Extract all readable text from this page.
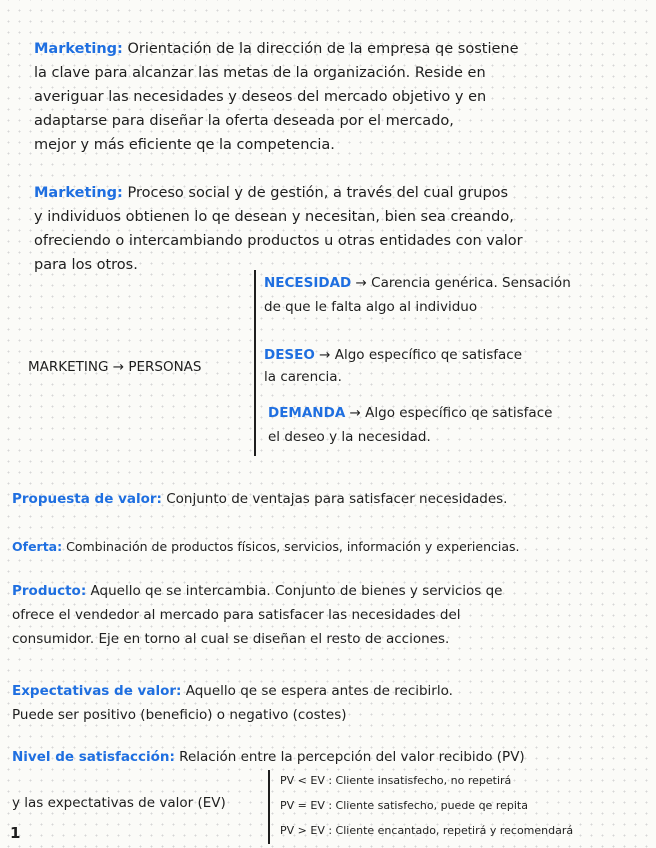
Marketing: Orientación de la dirección de la empresa qe sostiene
la clave para alcanzar las metas de la organización. Reside en
averiguar las necesidades y deseos del mercado objetivo y en
adaptarse para diseñar la oferta deseada por el mercado,
mejor y más eficiente qe la competencia.
Marketing: Proceso social y de gestión, a través del cual grupos
y individuos obtienen lo qe desean y necesitan, bien sea creando,
ofreciendo o intercambiando productos u otras entidades con valor
para los otros.
MARKETING → PERSONAS
NECESIDAD → Carencia genérica. Sensación
de que le falta algo al individuo
DESEO → Algo específico qe satisface
la carencia.
DEMANDA → Algo específico qe satisface
el deseo y la necesidad.
Propuesta de valor: Conjunto de ventajas para satisfacer necesidades.
Oferta: Combinación de productos físicos, servicios, información y experiencias.
Producto: Aquello qe se intercambia. Conjunto de bienes y servicios qe
ofrece el vendedor al mercado para satisfacer las necesidades del
consumidor. Eje en torno al cual se diseñan el resto de acciones.
Expectativas de valor: Aquello qe se espera antes de recibirlo.
Puede ser positivo (beneficio) o negativo (costes)
Nivel de satisfacción: Relación entre la percepción del valor recibido (PV)
y las expectativas de valor (EV)
PV < EV : Cliente insatisfecho, no repetirá
PV = EV : Cliente satisfecho, puede qe repita
PV > EV : Cliente encantado, repetirá y recomendará
1
